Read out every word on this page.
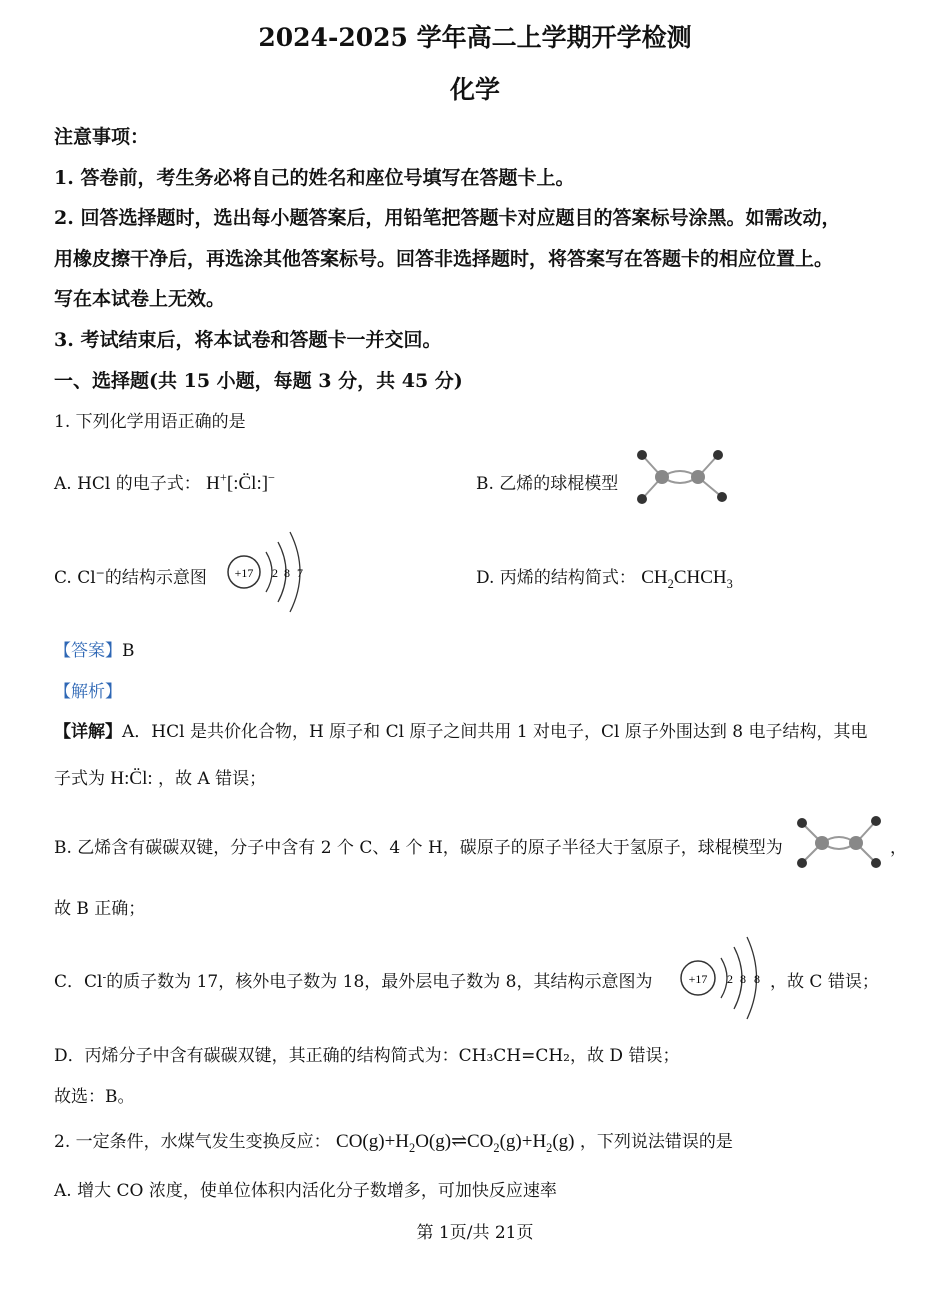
2024-2025 学年高二上学期开学检测
化学
注意事项：
1. 答卷前，考生务必将自己的姓名和座位号填写在答题卡上。
2. 回答选择题时，选出每小题答案后，用铅笔把答题卡对应题目的答案标号涂黑。如需改动，
用橡皮擦干净后，再选涂其他答案标号。回答非选择题时，将答案写在答题卡的相应位置上。
写在本试卷上无效。
3. 考试结束后，将本试卷和答题卡一并交回。
一、选择题(共 15 小题，每题 3 分，共 45 分)
1. 下列化学用语正确的是
A. HCl 的电子式： H+[:C̈l:]−	B. 乙烯的球棍模型
C. Cl−的结构示意图 +17 2 8 7	D. 丙烯的结构简式： $CH_2CHCH_3$
【答案】B
【解析】
【详解】A．HCl 是共价化合物，H 原子和 Cl 原子之间共用 1 对电子，Cl 原子外围达到 8 电子结构，其电
子式为 H:C̈l: ，故 A 错误；
B. 乙烯含有碳碳双键，分子中含有 2 个 C、4 个 H，碳原子的原子半径大于氢原子，球棍模型为	，
故 B 正确；
C．Cl-的质子数为 17，核外电子数为 18，最外层电子数为 8，其结构示意图为	+17 2 8 8 ，故 C 错误；
D．丙烯分子中含有碳碳双键，其正确的结构简式为：CH₃CH=CH₂，故 D 错误；
故选：B。
2. 一定条件，水煤气发生变换反应： $CO(g)+H_2O(g)\rightleftharpoons CO_2(g)+H_2(g)$ ，下列说法错误的是
A. 增大 CO 浓度，使单位体积内活化分子数增多，可加快反应速率
第 1页/共 21页
